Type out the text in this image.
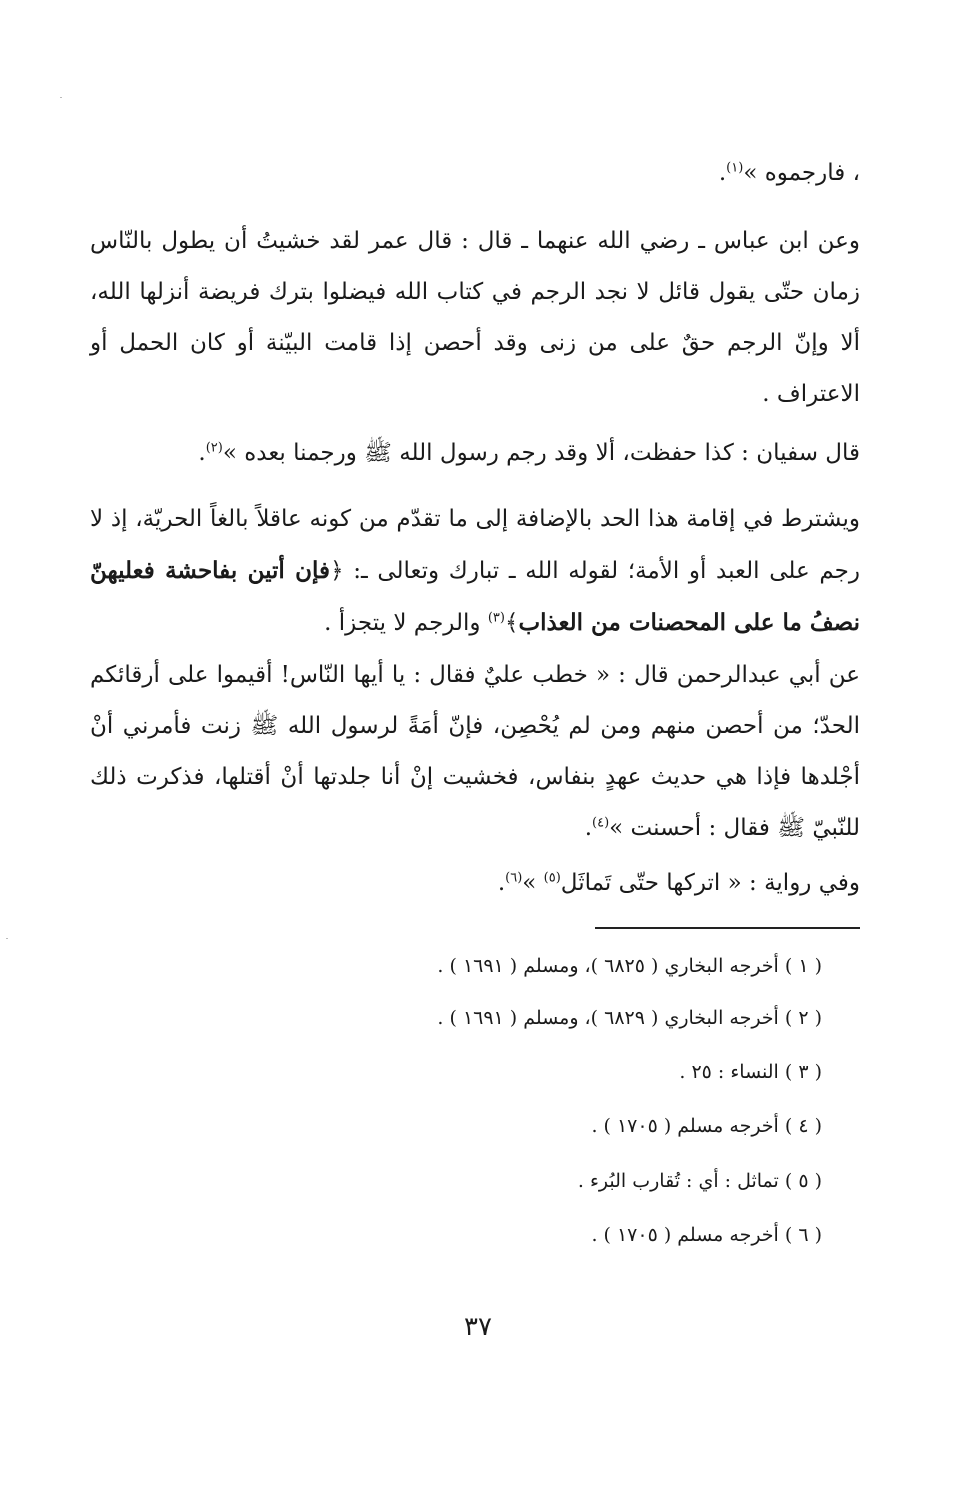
، فارجموه »$^{(١)}$.
وعن ابن عباس ـ رضي الله عنهما ـ قال : قال عمر لقد خشيتُ أن يطول بالنّاس زمان حتّى يقول قائل لا نجد الرجم في كتاب الله فيضلوا بترك فريضة أنزلها الله، ألا وإنّ الرجم حقٌ على من زنى وقد أحصن إذا قامت البيّنة أو كان الحمل أو الاعتراف .
قال سفيان : كذا حفظت، ألا وقد رجم رسول الله ﷺ ورجمنا بعده »$^{(٢)}$.
ويشترط في إقامة هذا الحد بالإضافة إلى ما تقدّم من كونه عاقلاً بالغاً الحريّة، إذ لا رجم على العبد أو الأمة؛ لقوله الله ـ تبارك وتعالى ـ: ﴿فإن أتين بفاحشة فعليهنّ نصفُ ما على المحصنات من العذاب﴾$^{(٣)}$ والرجم لا يتجزأ .
عن أبي عبدالرحمن قال : « خطب عليٌ فقال : يا أيها النّاس! أقيموا على أرقائكم الحدّ؛ من أحصن منهم ومن لم يُحْصِن، فإنّ أمَةً لرسول الله ﷺ زنت فأمرني أنْ أجْلدها فإذا هي حديث عهدٍ بنفاس، فخشيت إنْ أنا جلدتها أنْ أقتلها، فذكرت ذلك للنّبيّ ﷺ فقال : أحسنت »$^{(٤)}$.
وفي رواية : « اتركها حتّى تَماثَل$^{(٥)}$ »$^{(٦)}$.
( ١ ) أخرجه البخاري ( ٦٨٢٥ )، ومسلم ( ١٦٩١ ) .
( ٢ ) أخرجه البخاري ( ٦٨٢٩ )، ومسلم ( ١٦٩١ ) .
( ٣ ) النساء : ٢٥ .
( ٤ ) أخرجه مسلم ( ١٧٠٥ ) .
( ٥ ) تماثل : أي : تُقارب البُرء .
( ٦ ) أخرجه مسلم ( ١٧٠٥ ) .
٣٧
